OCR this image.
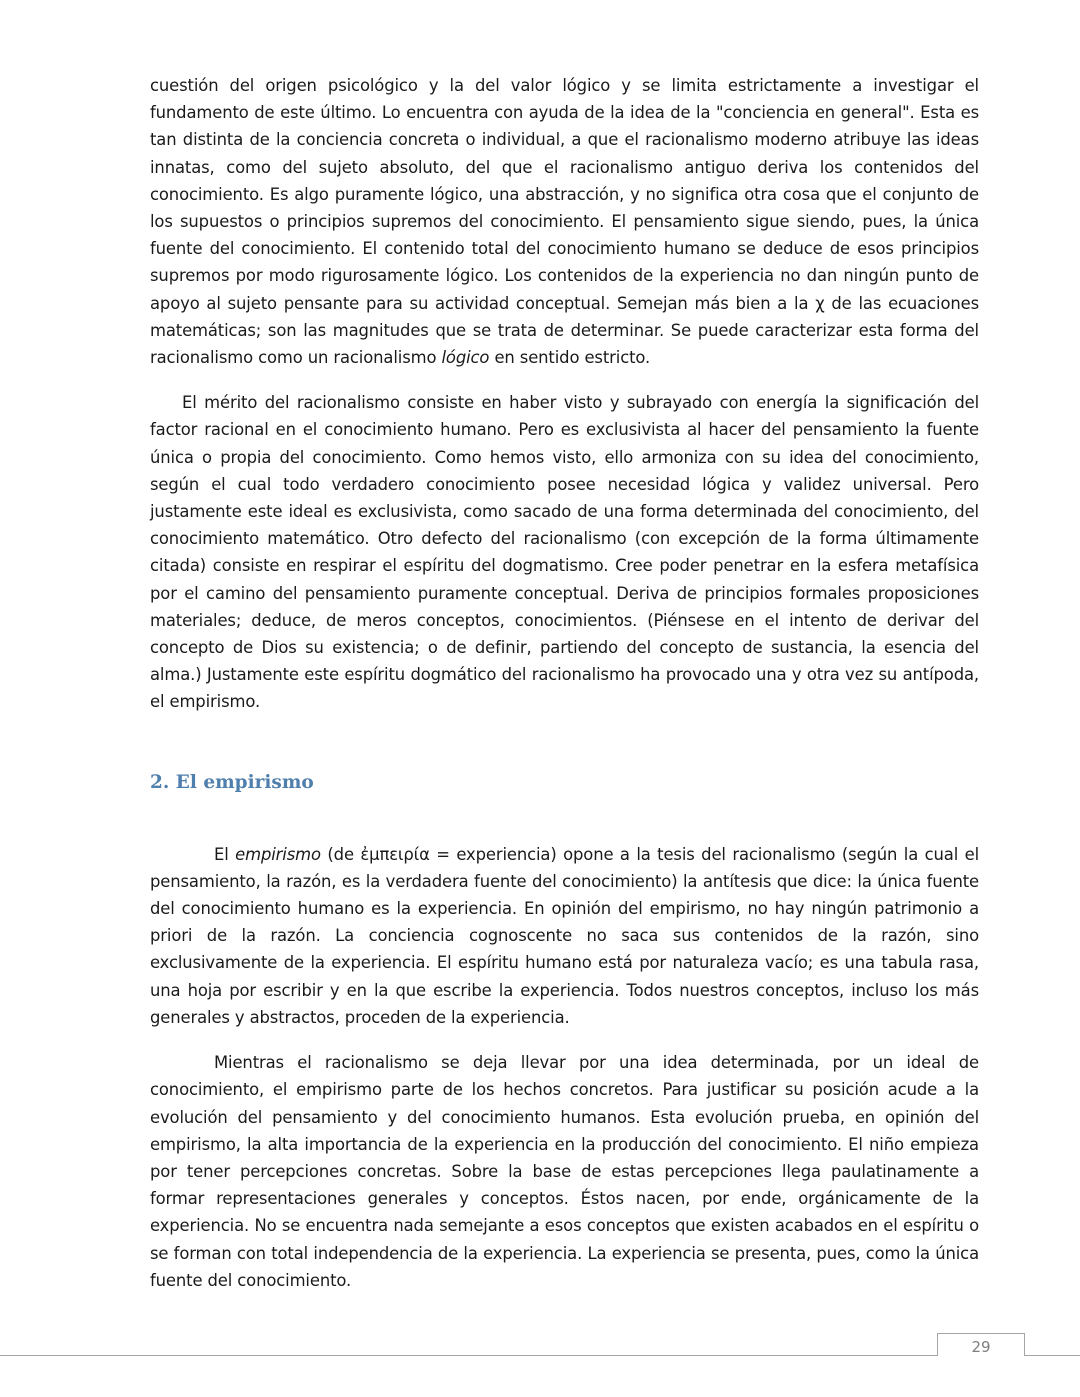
cuestión del origen psicológico y la del valor lógico y se limita estrictamente a investigar el fundamento de este último. Lo encuentra con ayuda de la idea de la "conciencia en general". Esta es tan distinta de la conciencia concreta o individual, a que el racionalismo moderno atribuye las ideas innatas, como del sujeto absoluto, del que el racionalismo antiguo deriva los contenidos del conocimiento. Es algo puramente lógico, una abstracción, y no significa otra cosa que el conjunto de los supuestos o principios supremos del conocimiento. El pensamiento sigue siendo, pues, la única fuente del conocimiento. El contenido total del conocimiento humano se deduce de esos principios supremos por modo rigurosamente lógico. Los contenidos de la experiencia no dan ningún punto de apoyo al sujeto pensante para su actividad conceptual. Semejan más bien a la χ de las ecuaciones matemáticas; son las magnitudes que se trata de determinar. Se puede caracterizar esta forma del racionalismo como un racionalismo lógico en sentido estricto.

El mérito del racionalismo consiste en haber visto y subrayado con energía la significación del factor racional en el conocimiento humano. Pero es exclusivista al hacer del pensamiento la fuente única o propia del conocimiento. Como hemos visto, ello armoniza con su idea del conocimiento, según el cual todo verdadero conocimiento posee necesidad lógica y validez universal. Pero justamente este ideal es exclusivista, como sacado de una forma determinada del conocimiento, del conocimiento matemático. Otro defecto del racionalismo (con excepción de la forma últimamente citada) consiste en respirar el espíritu del dogmatismo. Cree poder penetrar en la esfera metafísica por el camino del pensamiento puramente conceptual. Deriva de principios formales proposiciones materiales; deduce, de meros conceptos, conocimientos. (Piénsese en el intento de derivar del concepto de Dios su existencia; o de definir, partiendo del concepto de sustancia, la esencia del alma.) Justamente este espíritu dogmático del racionalismo ha provocado una y otra vez su antípoda, el empirismo.

2. El empirismo

El empirismo (de ἐμπειρία = experiencia) opone a la tesis del racionalismo (según la cual el pensamiento, la razón, es la verdadera fuente del conocimiento) la antítesis que dice: la única fuente del conocimiento humano es la experiencia. En opinión del empirismo, no hay ningún patrimonio a priori de la razón. La conciencia cognoscente no saca sus contenidos de la razón, sino exclusivamente de la experiencia. El espíritu humano está por naturaleza vacío; es una tabula rasa, una hoja por escribir y en la que escribe la experiencia. Todos nuestros conceptos, incluso los más generales y abstractos, proceden de la experiencia.

Mientras el racionalismo se deja llevar por una idea determinada, por un ideal de conocimiento, el empirismo parte de los hechos concretos. Para justificar su posición acude a la evolución del pensamiento y del conocimiento humanos. Esta evolución prueba, en opinión del empirismo, la alta importancia de la experiencia en la producción del conocimiento. El niño empieza por tener percepciones concretas. Sobre la base de estas percepciones llega paulatinamente a formar representaciones generales y conceptos. Éstos nacen, por ende, orgánicamente de la experiencia. No se encuentra nada semejante a esos conceptos que existen acabados en el espíritu o se forman con total independencia de la experiencia. La experiencia se presenta, pues, como la única fuente del conocimiento.

29
